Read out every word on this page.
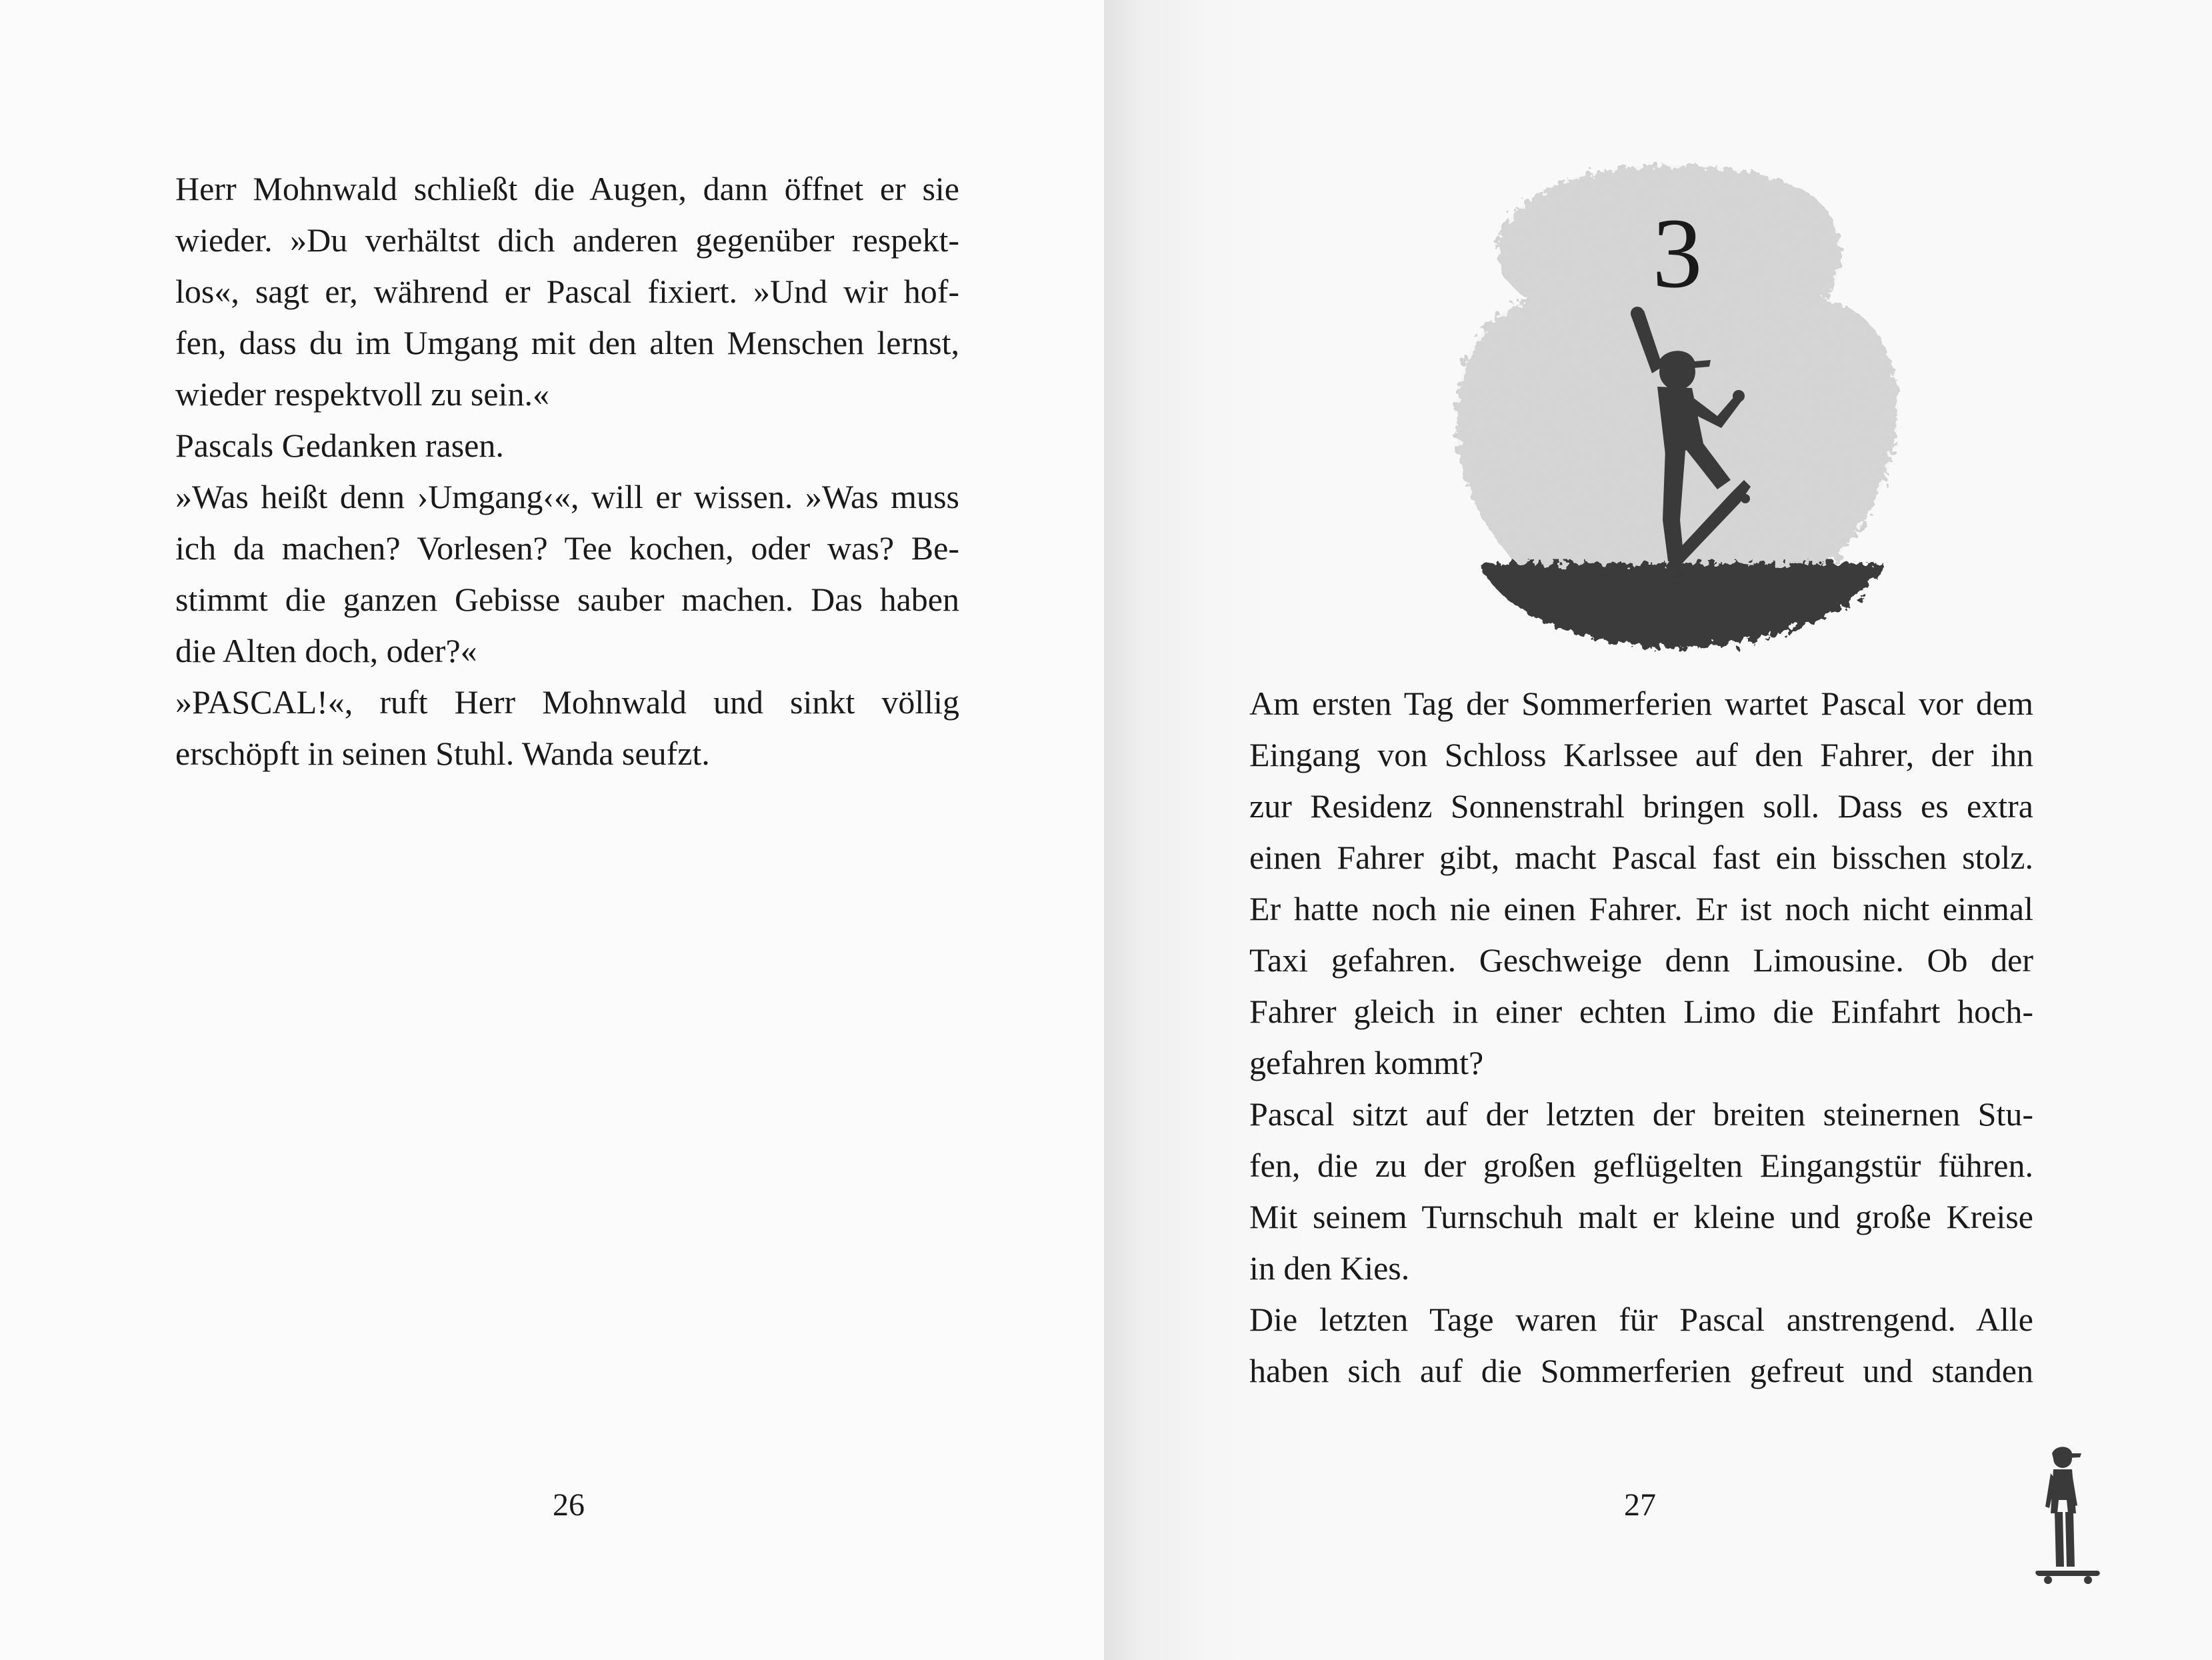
Herr Mohnwald schließt die Augen, dann öffnet er sie
wieder. »Du verhältst dich anderen gegenüber respekt-
los«, sagt er, während er Pascal fixiert. »Und wir hof-
fen, dass du im Umgang mit den alten Menschen lernst,
wieder respektvoll zu sein.«
Pascals Gedanken rasen.
»Was heißt denn ›Umgang‹«, will er wissen. »Was muss
ich da machen? Vorlesen? Tee kochen, oder was? Be-
stimmt die ganzen Gebisse sauber machen. Das haben
die Alten doch, oder?«
»PASCAL!«, ruft Herr Mohnwald und sinkt völlig
erschöpft in seinen Stuhl. Wanda seufzt.
26
3
Am ersten Tag der Sommerferien wartet Pascal vor dem
Eingang von Schloss Karlssee auf den Fahrer, der ihn
zur Residenz Sonnenstrahl bringen soll. Dass es extra
einen Fahrer gibt, macht Pascal fast ein bisschen stolz.
Er hatte noch nie einen Fahrer. Er ist noch nicht einmal
Taxi gefahren. Geschweige denn Limousine. Ob der
Fahrer gleich in einer echten Limo die Einfahrt hoch-
gefahren kommt?
Pascal sitzt auf der letzten der breiten steinernen Stu-
fen, die zu der großen geflügelten Eingangstür führen.
Mit seinem Turnschuh malt er kleine und große Kreise
in den Kies.
Die letzten Tage waren für Pascal anstrengend. Alle
haben sich auf die Sommerferien gefreut und standen
27
